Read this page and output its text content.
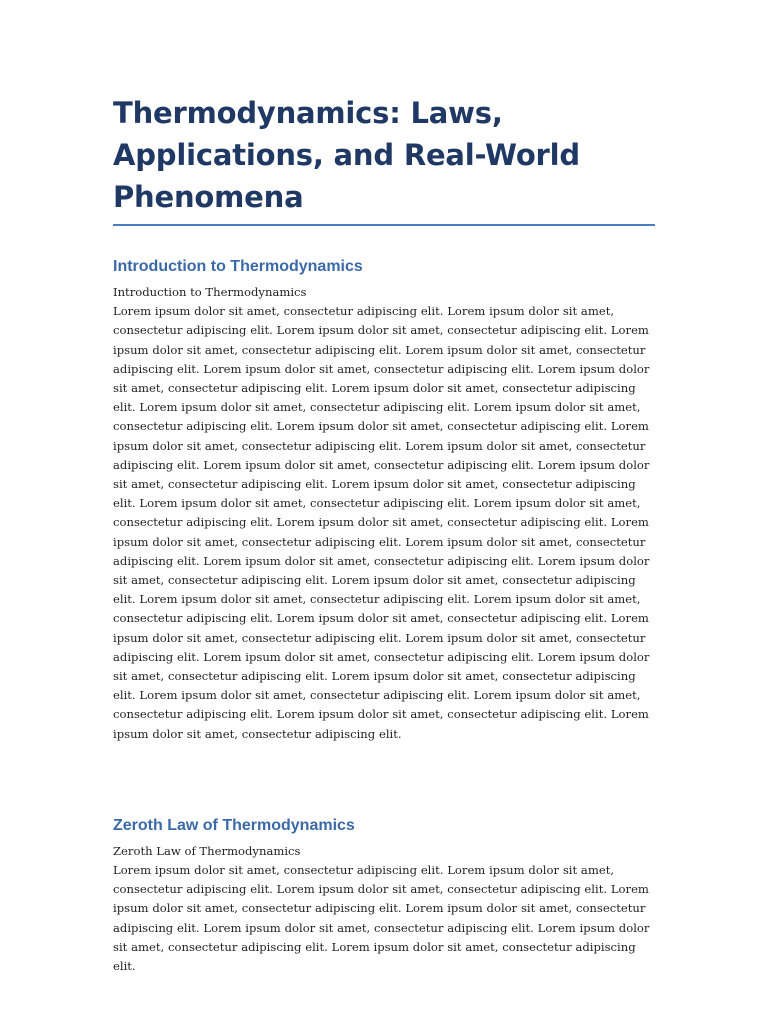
Thermodynamics: Laws, Applications, and Real-World Phenomena
Introduction to Thermodynamics

Introduction to Thermodynamics

Lorem ipsum dolor sit amet, consectetur adipiscing elit. Lorem ipsum dolor sit amet, consectetur adipiscing elit. Lorem ipsum dolor sit amet, consectetur adipiscing elit. Lorem ipsum dolor sit amet, consectetur adipiscing elit. Lorem ipsum dolor sit amet, consectetur adipiscing elit. Lorem ipsum dolor sit amet, consectetur adipiscing elit. Lorem ipsum dolor sit amet, consectetur adipiscing elit. Lorem ipsum dolor sit amet, consectetur adipiscing elit. Lorem ipsum dolor sit amet, consectetur adipiscing elit. Lorem ipsum dolor sit amet, consectetur adipiscing elit. Lorem ipsum dolor sit amet, consectetur adipiscing elit. Lorem ipsum dolor sit amet, consectetur adipiscing elit. Lorem ipsum dolor sit amet, consectetur adipiscing elit. Lorem ipsum dolor sit amet, consectetur adipiscing elit. Lorem ipsum dolor sit amet, consectetur adipiscing elit. Lorem ipsum dolor sit amet, consectetur adipiscing elit. Lorem ipsum dolor sit amet, consectetur adipiscing elit. Lorem ipsum dolor sit amet, consectetur adipiscing elit. Lorem ipsum dolor sit amet, consectetur adipiscing elit. Lorem ipsum dolor sit amet, consectetur adipiscing elit. Lorem ipsum dolor sit amet, consectetur adipiscing elit. Lorem ipsum dolor sit amet, consectetur adipiscing elit. Lorem ipsum dolor sit amet, consectetur adipiscing elit. Lorem ipsum dolor sit amet, consectetur adipiscing elit. Lorem ipsum dolor sit amet, consectetur adipiscing elit. Lorem ipsum dolor sit amet, consectetur adipiscing elit. Lorem ipsum dolor sit amet, consectetur adipiscing elit. Lorem ipsum dolor sit amet, consectetur adipiscing elit. Lorem ipsum dolor sit amet, consectetur adipiscing elit. Lorem ipsum dolor sit amet, consectetur adipiscing elit. Lorem ipsum dolor sit amet, consectetur adipiscing elit. Lorem ipsum dolor sit amet, consectetur adipiscing elit. Lorem ipsum dolor sit amet, consectetur adipiscing elit. Lorem ipsum dolor sit amet, consectetur adipiscing elit. Lorem ipsum dolor sit amet, consectetur adipiscing elit. Lorem ipsum dolor sit amet, consectetur adipiscing elit.

Zeroth Law of Thermodynamics

Zeroth Law of Thermodynamics

Lorem ipsum dolor sit amet, consectetur adipiscing elit. Lorem ipsum dolor sit amet, consectetur adipiscing elit. Lorem ipsum dolor sit amet, consectetur adipiscing elit. Lorem ipsum dolor sit amet, consectetur adipiscing elit. Lorem ipsum dolor sit amet, consectetur adipiscing elit. Lorem ipsum dolor sit amet, consectetur adipiscing elit. Lorem ipsum dolor sit amet, consectetur adipiscing elit. Lorem ipsum dolor sit amet, consectetur adipiscing elit.
